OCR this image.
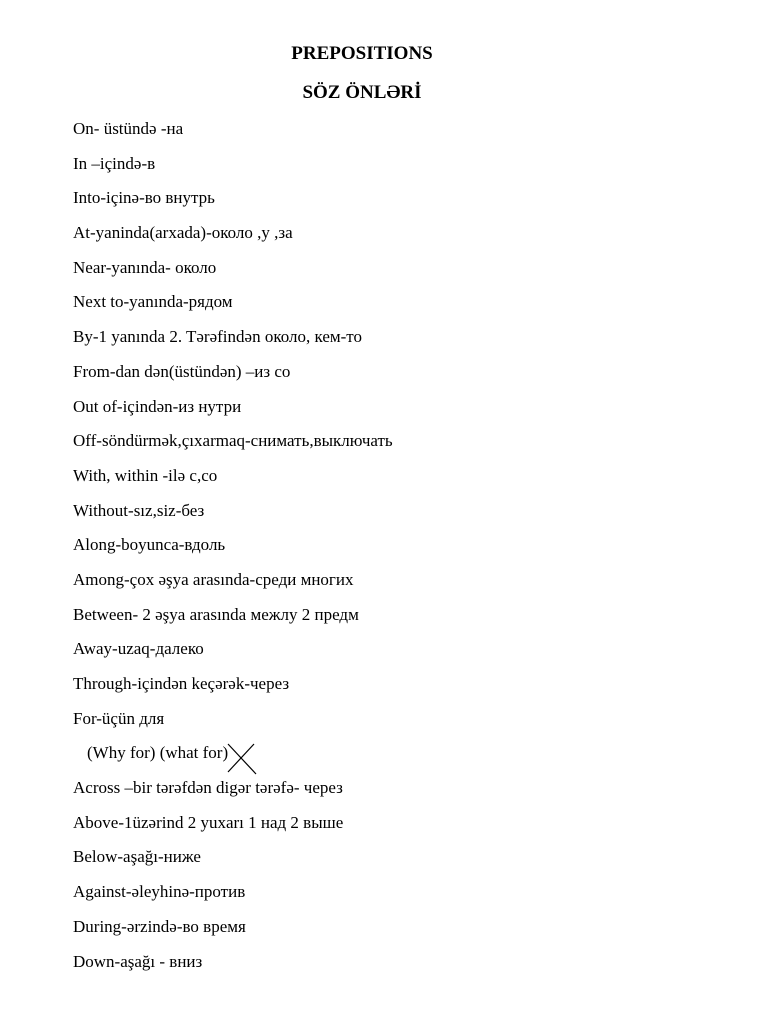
PREPOSITIONS
SÖZ ÖNLƏRİ
On- üstündə -на
In –içində-в
Into-içinə-во внутрь
At-yaninda(arxada)-около ,у ,за
Near-yanında- около
Next to-yanında-рядом
By-1 yanında 2. Tərəfindən около, кем-то
From-dan dən(üstündən) –из со
Out of-içindən-из нутри
Off-söndürmək,çıxarmaq-снимать,выключать
With, within -ilə с,со
Without-sız,siz-без
Along-boyunca-вдоль
Among-çox əşya arasında-среди многих
Between- 2 əşya arasında межлу 2 предм
Away-uzaq-далеко
Through-içindən keçərək-через
For-üçün для
(Why for) (what for)
Across –bir tərəfdən digər tərəfə- через
Above-1üzərind 2 yuxarı 1 над 2 выше
Below-aşağı-ниже
Against-əleyhinə-против
During-ərzində-во время
Down-aşağı - вниз
